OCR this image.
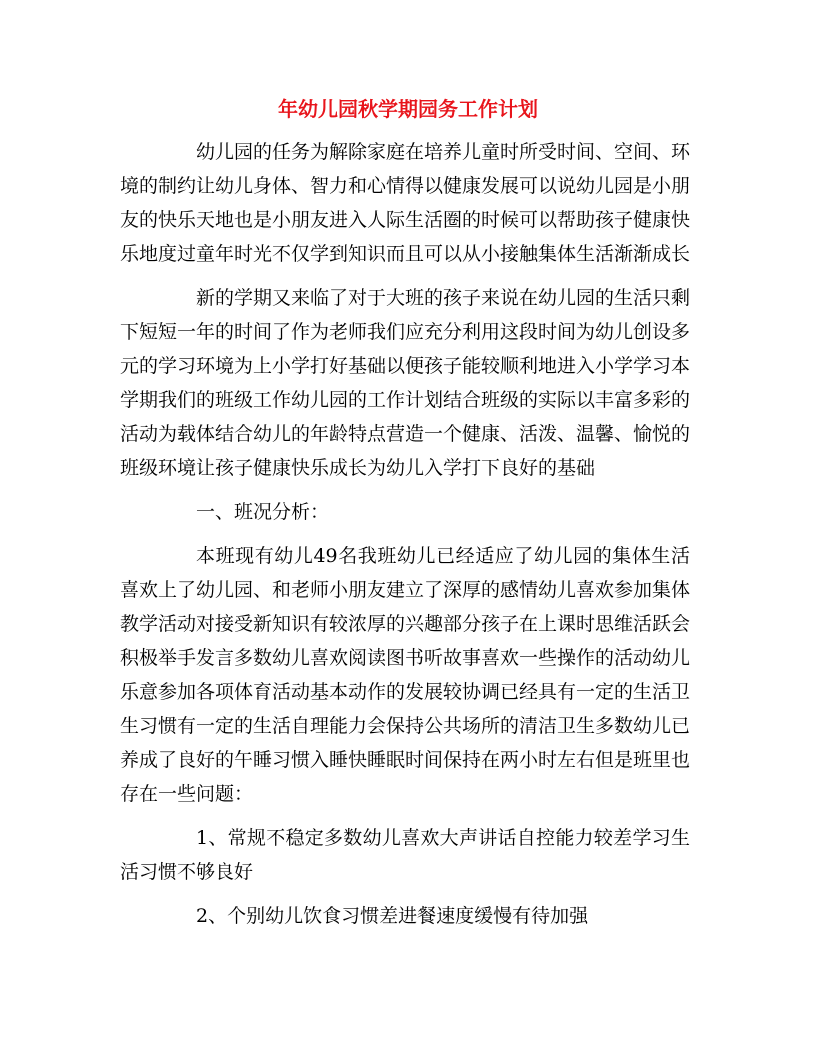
年幼儿园秋学期园务工作计划

幼儿园的任务为解除家庭在培养儿童时所受时间、空间、环境的制约让幼儿身体、智力和心情得以健康发展可以说幼儿园是小朋友的快乐天地也是小朋友进入人际生活圈的时候可以帮助孩子健康快乐地度过童年时光不仅学到知识而且可以从小接触集体生活渐渐成长

新的学期又来临了对于大班的孩子来说在幼儿园的生活只剩下短短一年的时间了作为老师我们应充分利用这段时间为幼儿创设多元的学习环境为上小学打好基础以便孩子能较顺利地进入小学学习本学期我们的班级工作幼儿园的工作计划结合班级的实际以丰富多彩的活动为载体结合幼儿的年龄特点营造一个健康、活泼、温馨、愉悦的班级环境让孩子健康快乐成长为幼儿入学打下良好的基础

一、班况分析：

本班现有幼儿49名我班幼儿已经适应了幼儿园的集体生活喜欢上了幼儿园、和老师小朋友建立了深厚的感情幼儿喜欢参加集体教学活动对接受新知识有较浓厚的兴趣部分孩子在上课时思维活跃会积极举手发言多数幼儿喜欢阅读图书听故事喜欢一些操作的活动幼儿乐意参加各项体育活动基本动作的发展较协调已经具有一定的生活卫生习惯有一定的生活自理能力会保持公共场所的清洁卫生多数幼儿已养成了良好的午睡习惯入睡快睡眠时间保持在两小时左右但是班里也存在一些问题：

1、常规不稳定多数幼儿喜欢大声讲话自控能力较差学习生活习惯不够良好

2、个别幼儿饮食习惯差进餐速度缓慢有待加强
